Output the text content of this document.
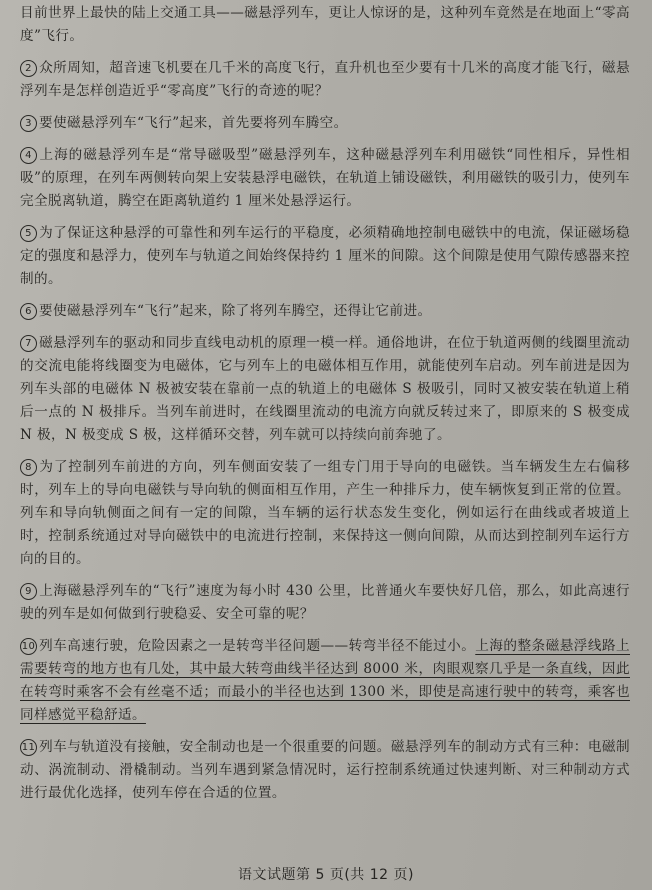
目前世界上最快的陆上交通工具——磁悬浮列车，更让人惊讶的是，这种列车竟然是在地面上“零高度”飞行。

2 众所周知，超音速飞机要在几千米的高度飞行，直升机也至少要有十几米的高度才能飞行，磁悬浮列车是怎样创造近乎“零高度”飞行的奇迹的呢？

3 要使磁悬浮列车“飞行”起来，首先要将列车腾空。

4 上海的磁悬浮列车是“常导磁吸型”磁悬浮列车，这种磁悬浮列车利用磁铁“同性相斥，异性相吸”的原理，在列车两侧转向架上安装悬浮电磁铁，在轨道上铺设磁铁，利用磁铁的吸引力，使列车完全脱离轨道，腾空在距离轨道约 1 厘米处悬浮运行。

5 为了保证这种悬浮的可靠性和列车运行的平稳度，必须精确地控制电磁铁中的电流，保证磁场稳定的强度和悬浮力，使列车与轨道之间始终保持约 1 厘米的间隙。这个间隙是使用气隙传感器来控制的。

6 要使磁悬浮列车“飞行”起来，除了将列车腾空，还得让它前进。

7 磁悬浮列车的驱动和同步直线电动机的原理一模一样。通俗地讲，在位于轨道两侧的线圈里流动的交流电能将线圈变为电磁体，它与列车上的电磁体相互作用，就能使列车启动。列车前进是因为列车头部的电磁体 N 极被安装在靠前一点的轨道上的电磁体 S 极吸引，同时又被安装在轨道上稍后一点的 N 极排斥。当列车前进时，在线圈里流动的电流方向就反转过来了，即原来的 S 极变成 N 极，N 极变成 S 极，这样循环交替，列车就可以持续向前奔驰了。

8 为了控制列车前进的方向，列车侧面安装了一组专门用于导向的电磁铁。当车辆发生左右偏移时，列车上的导向电磁铁与导向轨的侧面相互作用，产生一种排斥力，使车辆恢复到正常的位置。列车和导向轨侧面之间有一定的间隙，当车辆的运行状态发生变化，例如运行在曲线或者坡道上时，控制系统通过对导向磁铁中的电流进行控制，来保持这一侧向间隙，从而达到控制列车运行方向的目的。

9 上海磁悬浮列车的“飞行”速度为每小时 430 公里，比普通火车要快好几倍，那么，如此高速行驶的列车是如何做到行驶稳妥、安全可靠的呢？

10 列车高速行驶，危险因素之一是转弯半径问题——转弯半径不能过小。上海的整条磁悬浮线路上需要转弯的地方也有几处，其中最大转弯曲线半径达到 8000 米，肉眼观察几乎是一条直线，因此在转弯时乘客不会有丝毫不适；而最小的半径也达到 1300 米，即使是高速行驶中的转弯，乘客也同样感觉平稳舒适。

11 列车与轨道没有接触，安全制动也是一个很重要的问题。磁悬浮列车的制动方式有三种：电磁制动、涡流制动、滑橇制动。当列车遇到紧急情况时，运行控制系统通过快速判断、对三种制动方式进行最优化选择，使列车停在合适的位置。

语文试题第 5 页(共 12 页)
